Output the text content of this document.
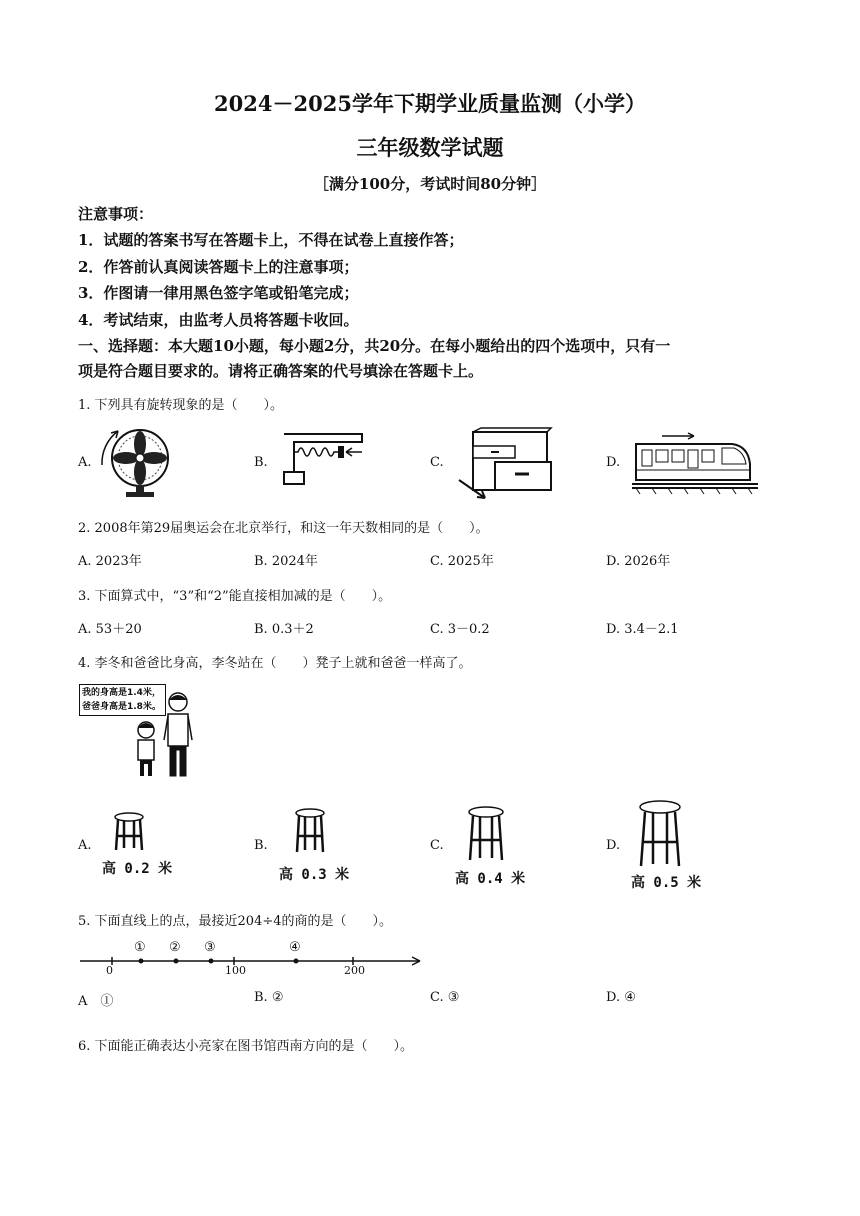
2024－2025学年下期学业质量监测（小学）
三年级数学试题
［满分100分，考试时间80分钟］
注意事项：
1．试题的答案书写在答题卡上，不得在试卷上直接作答；
2．作答前认真阅读答题卡上的注意事项；
3．作图请一律用黑色签字笔或铅笔完成；
4．考试结束，由监考人员将答题卡收回。
一、选择题：本大题10小题，每小题2分，共20分。在每小题给出的四个选项中，只有一
项是符合题目要求的。请将正确答案的代号填涂在答题卡上。
1. 下列具有旋转现象的是（　　）。
A.	B.	C.	D.
2. 2008年第29届奥运会在北京举行，和这一年天数相同的是（　　）。
A. 2023年	B. 2024年	C. 2025年	D. 2026年
3. 下面算式中，“3”和“2”能直接相加减的是（　　）。
A. 53＋20	B. 0.3＋2	C. 3－0.2	D. 3.4－2.1
4. 李冬和爸爸比身高，李冬站在（　　）凳子上就和爸爸一样高了。
我的身高是1.4米，
爸爸身高是1.8米。
A.	B.	C.	D.
高 0.2 米	高 0.3 米	高 0.4 米	高 0.5 米
5. 下面直线上的点，最接近204÷4的商的是（　　）。
0	100	200
① ② ③	④
A　①	B. ②	C. ③	D. ④
6. 下面能正确表达小亮家在图书馆西南方向的是（　　）。
